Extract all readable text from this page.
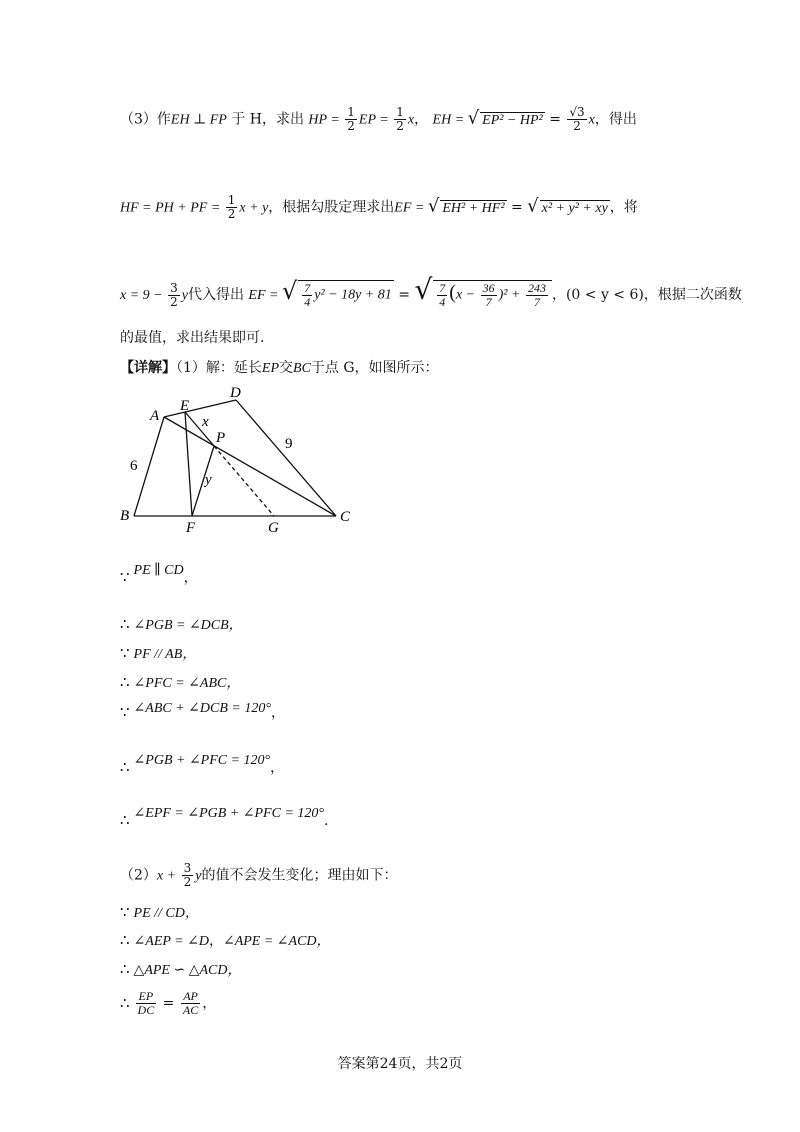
（3）作EH ⊥ FP 于 H，求出 HP = $\frac{1}{2}$ EP = $\frac{1}{2}$ x， EH = √ $EP^2 - HP^2 = \frac{√3}{2}$ x，得出
HF = PH + PF = $\frac{1}{2}$ x + y，根据勾股定理求出EF = √ EH² + HF² = √ x² + y² + xy ，将
$x = 9 - \frac{3}{2}$ y代入得出 EF = √ $\frac{7}{4} y^2 - 18y + 81$ = √ $\frac{7}{4} (x - \frac{36}{7} )^2 + \frac{243}{7}$ ，(0 < y < 6)，根据二次函数
的最值，求出结果即可.
【详解】（1）解：延长EP交BC于点 G，如图所示：
A
E
D
x
P	9
6
y
B
F	G
C
∵ PE ∥ CD，
∴ ∠PGB = ∠DCB，
∵ PF // AB，
∴ ∠PFC = ∠ABC，
∵ ∠ABC + ∠DCB = 120°，
∴ ∠PGB + ∠PFC = 120°，
∴ ∠EPF = ∠PGB + ∠PFC = 120°.
$(2)x + \frac{3}{2}$ y的值不会发生变化；理由如下：
∵ PE // CD，
∴ ∠AEP = ∠D，∠APE = ∠ACD，
∴ △APE ∽ △ACD，
∴ $\frac{EP}{DC} = \frac{AP}{AC}$ ，
答案第24页，共2页
